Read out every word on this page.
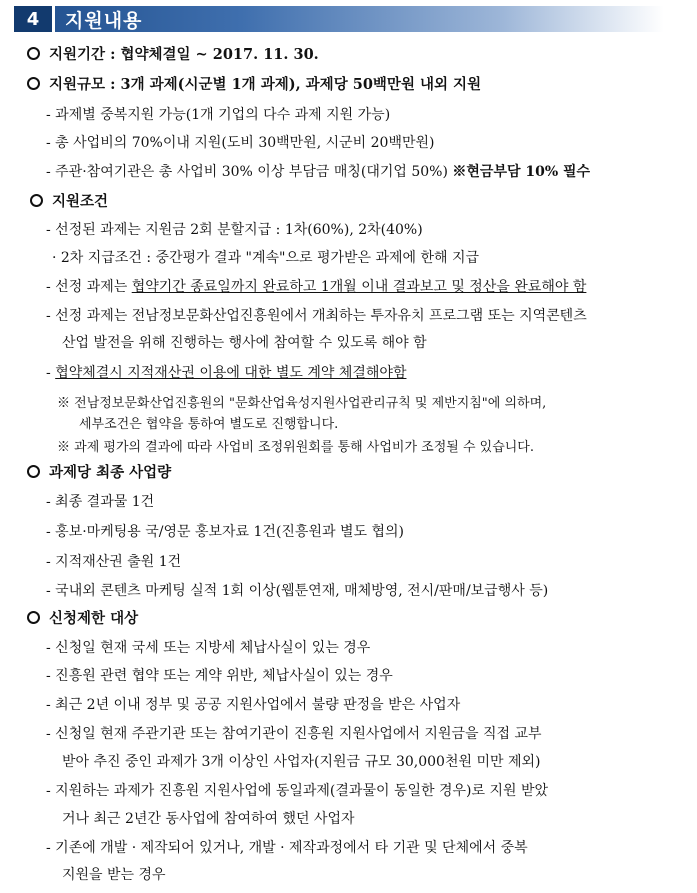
4	지원내용
지원기간 : 협약체결일 ~ 2017. 11. 30.
지원규모 : 3개 과제(시군별 1개 과제), 과제당 50백만원 내외 지원
- 과제별 중복지원 가능(1개 기업의 다수 과제 지원 가능)
- 총 사업비의 70%이내 지원(도비 30백만원, 시군비 20백만원)
- 주관·참여기관은 총 사업비 30% 이상 부담금 매칭(대기업 50%) ※현금부담 10% 필수
지원조건
- 선정된 과제는 지원금 2회 분할지급 : 1차(60%), 2차(40%)
· 2차 지급조건 : 중간평가 결과 "계속"으로 평가받은 과제에 한해 지급
- 선정 과제는 협약기간 종료일까지 완료하고 1개월 이내 결과보고 및 정산을 완료해야 함
- 선정 과제는 전남정보문화산업진흥원에서 개최하는 투자유치 프로그램 또는 지역콘텐츠
산업 발전을 위해 진행하는 행사에 참여할 수 있도록 해야 함
- 협약체결시 지적재산권 이용에 대한 별도 계약 체결해야함
※ 전남정보문화산업진흥원의 "문화산업육성지원사업관리규칙 및 제반지침"에 의하며,
세부조건은 협약을 통하여 별도로 진행합니다.
※ 과제 평가의 결과에 따라 사업비 조정위원회를 통해 사업비가 조정될 수 있습니다.
과제당 최종 사업량
- 최종 결과물 1건
- 홍보·마케팅용 국/영문 홍보자료 1건(진흥원과 별도 협의)
- 지적재산권 출원 1건
- 국내외 콘텐츠 마케팅 실적 1회 이상(웹툰연재, 매체방영, 전시/판매/보급행사 등)
신청제한 대상
- 신청일 현재 국세 또는 지방세 체납사실이 있는 경우
- 진흥원 관련 협약 또는 계약 위반, 체납사실이 있는 경우
- 최근 2년 이내 정부 및 공공 지원사업에서 불량 판정을 받은 사업자
- 신청일 현재 주관기관 또는 참여기관이 진흥원 지원사업에서 지원금을 직접 교부
받아 추진 중인 과제가 3개 이상인 사업자(지원금 규모 30,000천원 미만 제외)
- 지원하는 과제가 진흥원 지원사업에 동일과제(결과물이 동일한 경우)로 지원 받았
거나 최근 2년간 동사업에 참여하여 했던 사업자
- 기존에 개발 · 제작되어 있거나, 개발 · 제작과정에서 타 기관 및 단체에서 중복
지원을 받는 경우
